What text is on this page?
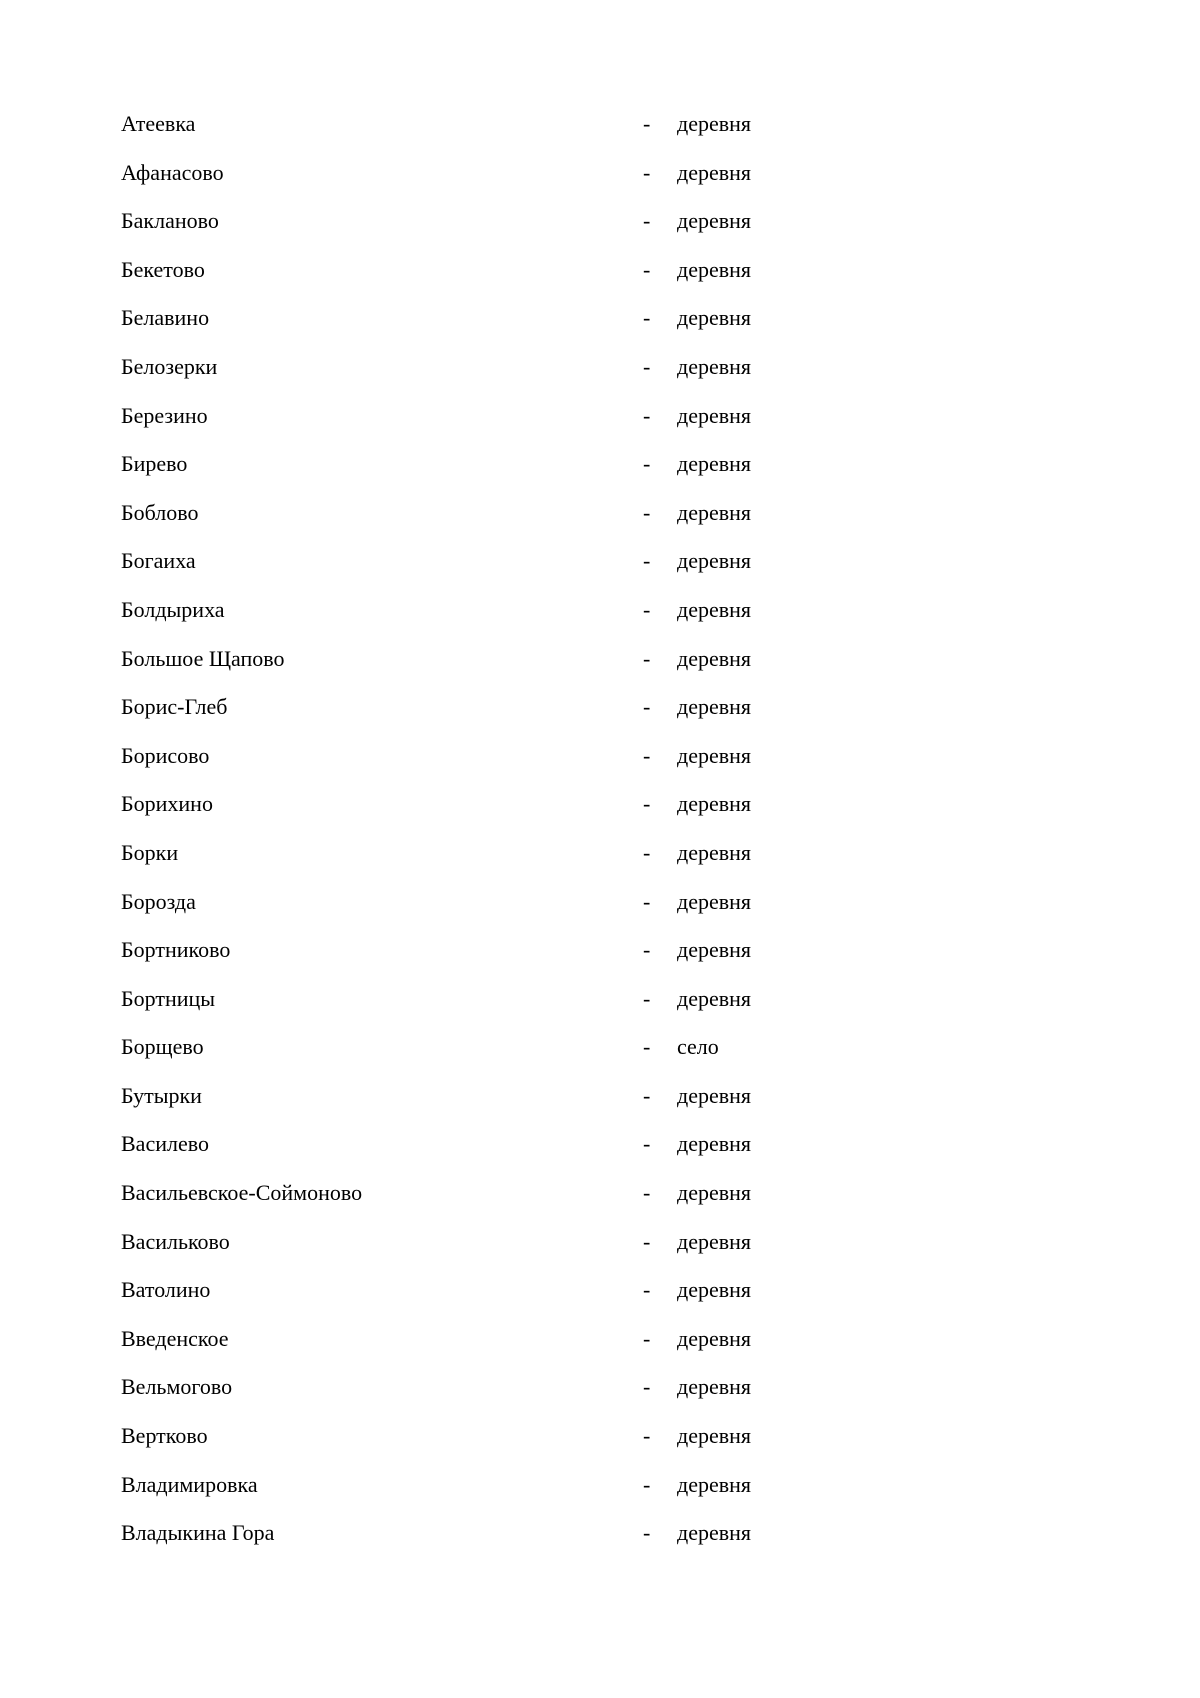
Атеевка	- деревня
Афанасово	- деревня
Бакланово	- деревня
Бекетово	- деревня
Белавино	- деревня
Белозерки	- деревня
Березино	- деревня
Бирево	- деревня
Боблово	- деревня
Богаиха	- деревня
Болдыриха	- деревня
Большое Щапово	- деревня
Борис-Глеб	- деревня
Борисово	- деревня
Борихино	- деревня
Борки	- деревня
Борозда	- деревня
Бортниково	- деревня
Бортницы	- деревня
Борщево	- село
Бутырки	- деревня
Василево	- деревня
Васильевское-Соймоново	- деревня
Васильково	- деревня
Ватолино	- деревня
Введенское	- деревня
Вельмогово	- деревня
Вертково	- деревня
Владимировка	- деревня
Владыкина Гора	- деревня
